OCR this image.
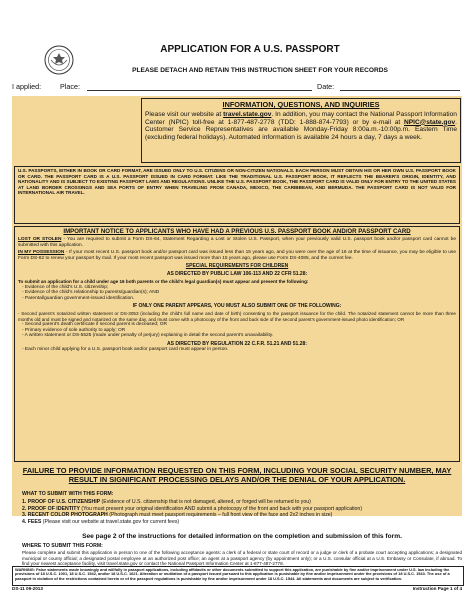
APPLICATION FOR A U.S. PASSPORT
PLEASE DETACH AND RETAIN THIS INSTRUCTION SHEET FOR YOUR RECORDS
I applied:	Place:	Date:
INFORMATION, QUESTIONS, AND INQUIRIES
Please visit our website at travel.state.gov. In addition, you may contact the National Passport Information Center (NPIC) toll-free at 1-877-487-2778 (TDD: 1-888-874-7793) or by e-mail at NPIC@state.gov. Customer Service Representatives are available Monday-Friday 8:00a.m.-10:00p.m. Eastern Time (excluding federal holidays). Automated information is available 24 hours a day, 7 days a week.
U.S. PASSPORTS, EITHER IN BOOK OR CARD FORMAT, ARE ISSUED ONLY TO U.S. CITIZENS OR NON-CITIZEN NATIONALS. EACH PERSON MUST OBTAIN HIS OR HER OWN U.S. PASSPORT BOOK OR CARD. THE PASSPORT CARD IS A U.S. PASSPORT ISSUED IN CARD FORMAT. LIKE THE TRADITIONAL U.S. PASSPORT BOOK, IT REFLECTS THE BEARER'S ORIGIN, IDENTITY, AND NATIONALITY AND IS SUBJECT TO EXISTING PASSPORT LAWS AND REGULATIONS. UNLIKE THE U.S. PASSPORT BOOK, THE PASSPORT CARD IS VALID ONLY FOR ENTRY TO THE UNITED STATES AT LAND BORDER CROSSINGS AND SEA PORTS OF ENTRY WHEN TRAVELING FROM CANADA, MEXICO, THE CARIBBEAN, AND BERMUDA. THE PASSPORT CARD IS NOT VALID FOR INTERNATIONAL AIR TRAVEL.
IMPORTANT NOTICE TO APPLICANTS WHO HAVE HAD A PREVIOUS U.S. PASSPORT BOOK AND/OR PASSPORT CARD
LOST OR STOLEN - You are required to submit a Form DS-64, Statement Regarding a Lost or Stolen U.S. Passport, when your previously valid U.S. passport book and/or passport card cannot be submitted with this application.
IN MY POSSESSION - If your most recent U.S. passport book and/or passport card was issued less than 15 years ago, and you were over the age of 16 at the time of issuance, you may be eligible to use Form DS-82 to renew your passport by mail. If your most recent passport was issued more than 15 years ago, please use Form DS-4085, and the current fee.
SPECIAL REQUIREMENTS FOR CHILDREN
AS DIRECTED BY PUBLIC LAW 106-113 AND 22 CFR 51.28:
To submit an application for a child under age 16 both parents or the child's legal guardian(s) must appear and present the following:
- Evidence of the child's U.S. citizenship;
- Evidence of the child's relationship to parents/guardian(s); AND
- Parental/guardian government-issued identification.
IF ONLY ONE PARENT APPEARS, YOU MUST ALSO SUBMIT ONE OF THE FOLLOWING:
- Second parent's notarized written statement or DS-3053 (including the child's full name and date of birth) consenting to the passport issuance for the child. The notarized statement cannot be more than three months old and must be signed and notarized on the same day, and must come with a photocopy of the front and back side of the second parent's government-issued photo identification; OR
- Second parent's death certificate if second parent is deceased; OR
- Primary evidence of sole authority to apply; OR
- A written statement or DS-5525 (made under penalty of perjury) explaining in detail the second parent's unavailability.
AS DIRECTED BY REGULATION 22 C.F.R. 51.21 AND 51.28:
- Each minor child applying for a U.S. passport book and/or passport card must appear in person.
FAILURE TO PROVIDE INFORMATION REQUESTED ON THIS FORM, INCLUDING YOUR SOCIAL SECURITY NUMBER, MAY RESULT IN SIGNIFICANT PROCESSING DELAYS AND/OR THE DENIAL OF YOUR APPLICATION.
WHAT TO SUBMIT WITH THIS FORM:
1. PROOF OF U.S. CITIZENSHIP (Evidence of U.S. citizenship that is not damaged, altered, or forged will be returned to you)
2. PROOF OF IDENTITY (You must present your original identification AND submit a photocopy of the front and back with your passport application)
3. RECENT COLOR PHOTOGRAPH (Photograph must meet passport requirements – full front view of the face and 2x2 inches in size)
4. FEES (Please visit our website at travel.state.gov for current fees)
See page 2 of the instructions for detailed information on the completion and submission of this form.
WHERE TO SUBMIT THIS FORM:
Please complete and submit this application in person to one of the following acceptance agents: a clerk of a federal or state court of record or a judge or clerk of a probate court accepting applications; a designated municipal or county official; a designated postal employee at an authorized post office; an agent at a passport agency (by appointment only); or a U.S. consular official at a U.S. Embassy or Consulate, if abroad. To find your nearest acceptance facility, visit travel.state.gov or contact the National Passport Information Center at 1-877-487-2778.
WARNING: False statements made knowingly and willfully in passport applications, including affidavits or other documents submitted to support this application, are punishable by fine and/or imprisonment under U.S. law including the provisions of 18 U.S.C. 1001, 18 U.S.C. 1542, and/or 18 U.S.C. 1621. Alteration or mutilation of a passport issued pursuant to this application is punishable by fine and/or imprisonment under the provisions of 18 U.S.C. 1543. The use of a passport in violation of the restrictions contained herein or of the passport regulations is punishable by fine and/or imprisonment under 18 U.S.C. 1544. All statements and documents are subject to verification.
DS-11 09-2013	Instruction Page 1 of 4
